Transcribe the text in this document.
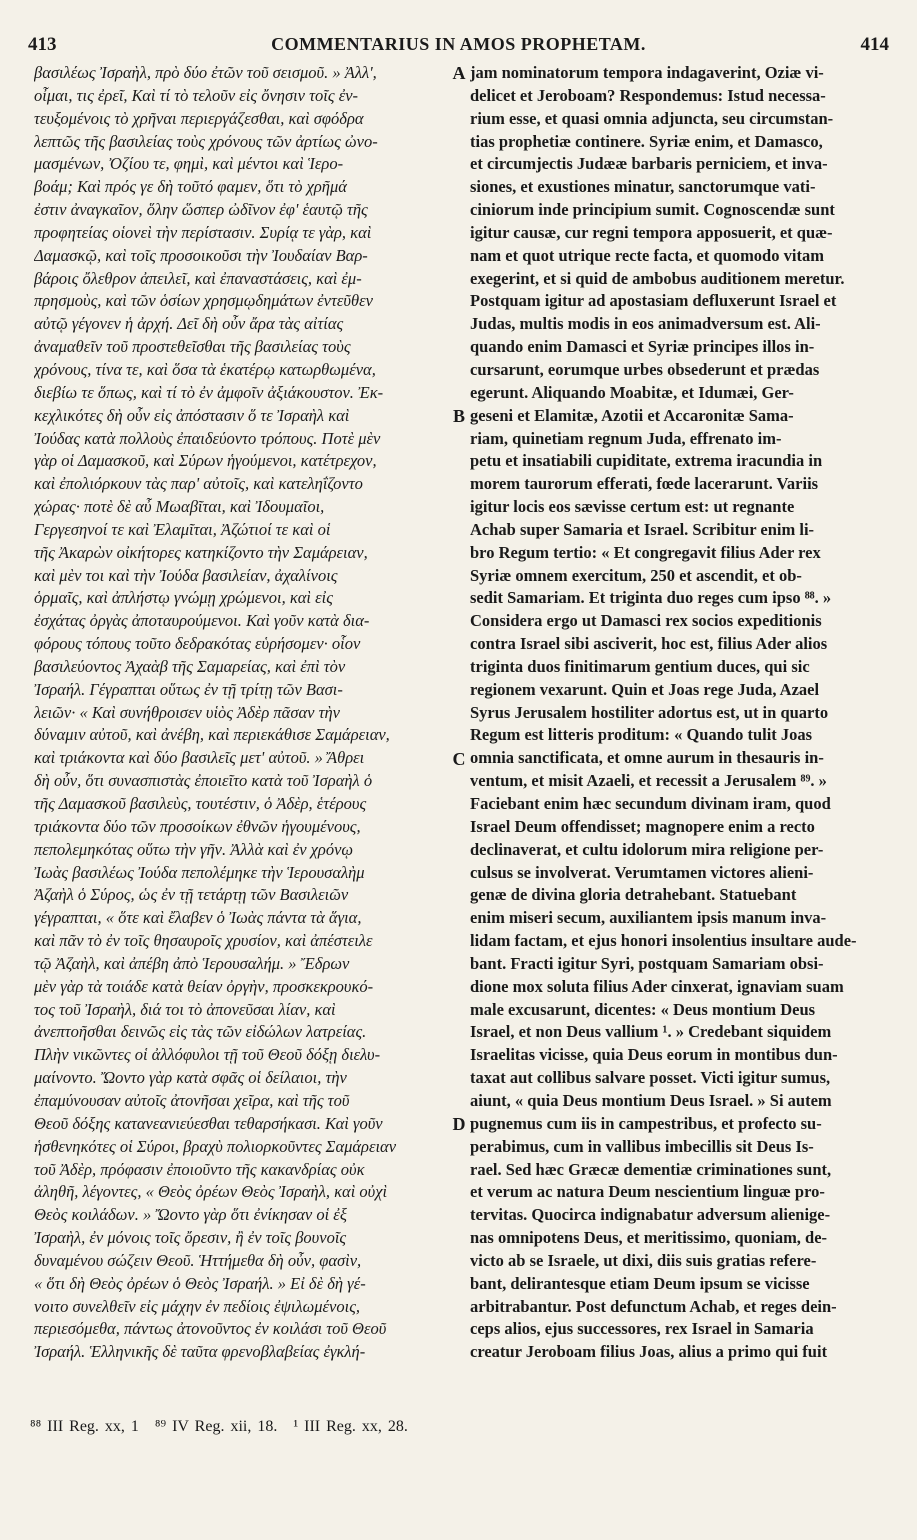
413	COMMENTARIUS IN AMOS PROPHETAM.	414
βασιλέως Ἰσραὴλ, πρὸ δύο ἐτῶν τοῦ σεισμοῦ. » Ἀλλ',
οἶμαι, τις ἐρεῖ, Καὶ τί τὸ τελοῦν εἰς ὄνησιν τοῖς ἐν-
τευξομένοις τὸ χρῆναι περιεργάζεσθαι, καὶ σφόδρα
λεπτῶς τῆς βασιλείας τοὺς χρόνους τῶν ἀρτίως ὠνο-
μασμένων, Ὀζίου τε, φημὶ, καὶ μέντοι καὶ Ἱερο-
βοάμ; Καὶ πρός γε δὴ τοῦτό φαμεν, ὅτι τὸ χρῆμά
ἐστιν ἀναγκαῖον, ὅλην ὥσπερ ὠδῖνον ἐφ' ἑαυτῷ τῆς
προφητείας οἱονεὶ τὴν περίστασιν. Συρίᾳ τε γὰρ, καὶ
Δαμασκῷ, καὶ τοῖς προσοικοῦσι τὴν Ἰουδαίαν Βαρ-
βάροις ὄλεθρον ἀπειλεῖ, καὶ ἐπαναστάσεις, καὶ ἐμ-
πρησμοὺς, καὶ τῶν ὁσίων χρησμῳδημάτων ἐντεῦθεν
αὐτῷ γέγονεν ἡ ἀρχή. Δεῖ δὴ οὖν ἄρα τὰς αἰτίας
ἀναμαθεῖν τοῦ προστεθεῖσθαι τῆς βασιλείας τοὺς
χρόνους, τίνα τε, καὶ ὅσα τὰ ἑκατέρῳ κατωρθωμένα,
διεβίω τε ὅπως, καὶ τί τὸ ἐν ἀμφοῖν ἀξιάκουστον. Ἐκ-
κεχλικότες δὴ οὖν εἰς ἀπόστασιν ὅ τε Ἰσραὴλ καὶ
Ἰούδας κατὰ πολλοὺς ἐπαιδεύοντο τρόπους. Ποτὲ μὲν
γὰρ οἱ Δαμασκοῦ, καὶ Σύρων ἡγούμενοι, κατέτρεχον,
καὶ ἐπολιόρκουν τὰς παρ' αὐτοῖς, καὶ κατεληΐζοντο
χώρας· ποτὲ δὲ αὖ Μωαβῖται, καὶ Ἰδουμαῖοι,
Γεργεσηνοί τε καὶ Ἐλαμῖται, Ἀζώτιοί τε καὶ οἱ
τῆς Ἀκαρὼν οἰκήτορες κατηκίζοντο τὴν Σαμάρειαν,
καὶ μὲν τοι καὶ τὴν Ἰούδα βασιλείαν, ἀχαλίνοις
ὁρμαῖς, καὶ ἀπλήστῳ γνώμῃ χρώμενοι, καὶ εἰς
ἐσχάτας ὀργὰς ἀποταυρούμενοι. Καὶ γοῦν κατὰ δια-
φόρους τόπους τοῦτο δεδρακότας εὑρήσομεν· οἷον
βασιλεύοντος Ἀχαὰβ τῆς Σαμαρείας, καὶ ἐπὶ τὸν
Ἰσραήλ. Γέγραπται οὕτως ἐν τῇ τρίτῃ τῶν Βασι-
λειῶν· « Καὶ συνήθροισεν υἱὸς Ἀδὲρ πᾶσαν τὴν
δύναμιν αὐτοῦ, καὶ ἀνέβη, καὶ περιεκάθισε Σαμάρειαν,
καὶ τριάκοντα καὶ δύο βασιλεῖς μετ' αὐτοῦ. » Ἄθρει
δὴ οὖν, ὅτι συνασπιστὰς ἐποιεῖτο κατὰ τοῦ Ἰσραὴλ ὁ
τῆς Δαμασκοῦ βασιλεὺς, τουτέστιν, ὁ Ἀδὲρ, ἑτέρους
τριάκοντα δύο τῶν προσοίκων ἐθνῶν ἡγουμένους,
πεπολεμηκότας οὕτω τὴν γῆν. Ἀλλὰ καὶ ἐν χρόνῳ
Ἰωὰς βασιλέως Ἰούδα πεπολέμηκε τὴν Ἱερουσαλὴμ
Ἀζαὴλ ὁ Σύρος, ὡς ἐν τῇ τετάρτῃ τῶν Βασιλειῶν
γέγραπται, « ὅτε καὶ ἔλαβεν ὁ Ἰωὰς πάντα τὰ ἅγια,
καὶ πᾶν τὸ ἐν τοῖς θησαυροῖς χρυσίον, καὶ ἀπέστειλε
τῷ Ἀζαὴλ, καὶ ἀπέβη ἀπὸ Ἱερουσαλήμ. » Ἔδρων
μὲν γὰρ τὰ τοιάδε κατὰ θείαν ὀργὴν, προσκεκρουκό-
τος τοῦ Ἰσραὴλ, διά τοι τὸ ἀπονεῦσαι λίαν, καὶ
ἀνεπτοῆσθαι δεινῶς εἰς τὰς τῶν εἰδώλων λατρείας.
Πλὴν νικῶντες οἱ ἀλλόφυλοι τῇ τοῦ Θεοῦ δόξῃ διελυ-
μαίνοντο. Ὤοντο γὰρ κατὰ σφᾶς οἱ δείλαιοι, τὴν
ἐπαμύνουσαν αὐτοῖς ἀτονῆσαι χεῖρα, καὶ τῆς τοῦ
Θεοῦ δόξης κατανεανιεύεσθαι τεθαρσήκασι. Καὶ γοῦν
ἡσθενηκότες οἱ Σύροι, βραχὺ πολιορκοῦντες Σαμάρειαν
τοῦ Ἀδὲρ, πρόφασιν ἐποιοῦντο τῆς κακανδρίας οὐκ
ἀληθῆ, λέγοντες, « Θεὸς ὀρέων Θεὸς Ἰσραὴλ, καὶ οὐχὶ
Θεὸς κοιλάδων. » Ὤοντο γὰρ ὅτι ἐνίκησαν οἱ ἐξ
Ἰσραὴλ, ἐν μόνοις τοῖς ὄρεσιν, ἢ ἐν τοῖς βουνοῖς
δυναμένου σώζειν Θεοῦ. Ἡττήμεθα δὴ οὖν, φασὶν,
« ὅτι δὴ Θεὸς ὀρέων ὁ Θεὸς Ἰσραήλ. » Εἰ δὲ δὴ γέ-
νοιτο συνελθεῖν εἰς μάχην ἐν πεδίοις ἐψιλωμένοις,
περιεσόμεθα, πάντως ἀτονοῦντος ἐν κοιλάσι τοῦ Θεοῦ
Ἰσραήλ. Ἑλληνικῆς δὲ ταῦτα φρενοβλαβείας ἐγκλή-
A
B
C
D
jam nominatorum tempora indagaverint, Oziæ vi-
delicet et Jeroboam? Respondemus: Istud necessa-
rium esse, et quasi omnia adjuncta, seu circumstan-
tias prophetiæ continere. Syriæ enim, et Damasco,
et circumjectis Judææ barbaris perniciem, et inva-
siones, et exustiones minatur, sanctorumque vati-
ciniorum inde principium sumit. Cognoscendæ sunt
igitur causæ, cur regni tempora apposuerit, et quæ-
nam et quot utrique recte facta, et quomodo vitam
exegerint, et si quid de ambobus auditionem meretur.
Postquam igitur ad apostasiam defluxerunt Israel et
Judas, multis modis in eos animadversum est. Ali-
quando enim Damasci et Syriæ principes illos in-
cursarunt, eorumque urbes obsederunt et prædas
egerunt. Aliquando Moabitæ, et Idumæi, Ger-
geseni et Elamitæ, Azotii et Accaronitæ Sama-
riam, quinetiam regnum Juda, effrenato im-
petu et insatiabili cupiditate, extrema iracundia in
morem taurorum efferati, fœde lacerarunt. Variis
igitur locis eos sævisse certum est: ut regnante
Achab super Samaria et Israel. Scribitur enim li-
bro Regum tertio: « Et congregavit filius Ader rex
Syriæ omnem exercitum, 250 et ascendit, et ob-
sedit Samariam. Et triginta duo reges cum ipso ⁸⁸. »
Considera ergo ut Damasci rex socios expeditionis
contra Israel sibi asciverit, hoc est, filius Ader alios
triginta duos finitimarum gentium duces, qui sic
regionem vexarunt. Quin et Joas rege Juda, Azael
Syrus Jerusalem hostiliter adortus est, ut in quarto
Regum est litteris proditum: « Quando tulit Joas
omnia sanctificata, et omne aurum in thesauris in-
ventum, et misit Azaeli, et recessit a Jerusalem ⁸⁹. »
Faciebant enim hæc secundum divinam iram, quod
Israel Deum offendisset; magnopere enim a recto
declinaverat, et cultu idolorum mira religione per-
culsus se involverat. Verumtamen victores alieni-
genæ de divina gloria detrahebant. Statuebant
enim miseri secum, auxiliantem ipsis manum inva-
lidam factam, et ejus honori insolentius insultare aude-
bant. Fracti igitur Syri, postquam Samariam obsi-
dione mox soluta filius Ader cinxerat, ignaviam suam
male excusarunt, dicentes: « Deus montium Deus
Israel, et non Deus vallium ¹. » Credebant siquidem
Israelitas vicisse, quia Deus eorum in montibus dun-
taxat aut collibus salvare posset. Victi igitur sumus,
aiunt, « quia Deus montium Deus Israel. » Si autem
pugnemus cum iis in campestribus, et profecto su-
perabimus, cum in vallibus imbecillis sit Deus Is-
rael. Sed hæc Græcæ dementiæ criminationes sunt,
et verum ac natura Deum nescientium linguæ pro-
tervitas. Quocirca indignabatur adversum alienige-
nas omnipotens Deus, et meritissimo, quoniam, de-
victo ab se Israele, ut dixi, diis suis gratias refere-
bant, delirantesque etiam Deum ipsum se vicisse
arbitrabantur. Post defunctum Achab, et reges dein-
ceps alios, ejus successores, rex Israel in Samaria
creatur Jeroboam filius Joas, alius a primo qui fuit
⁸⁸ III Reg. xx, 1 ⁸⁹ IV Reg. xii, 18. ¹ III Reg. xx, 28.
